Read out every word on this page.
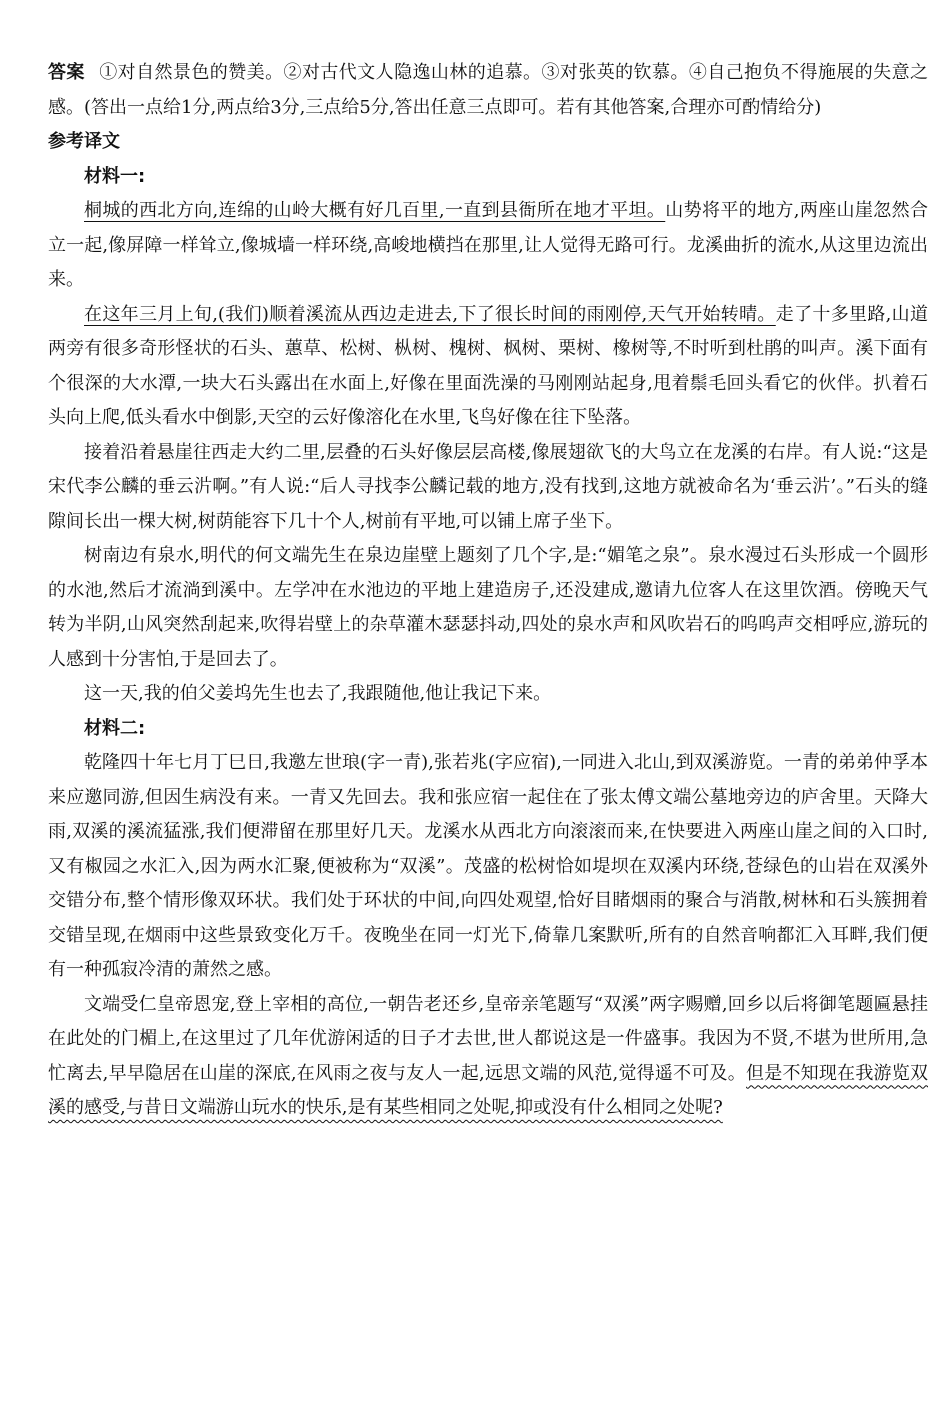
答案 ①对自然景色的赞美。②对古代文人隐逸山林的追慕。③对张英的钦慕。④自己抱负不得施展的失意之感。(答出一点给1分,两点给3分,三点给5分,答出任意三点即可。若有其他答案,合理亦可酌情给分)

参考译文

材料一:

桐城的西北方向,连绵的山岭大概有好几百里,一直到县衙所在地才平坦。山势将平的地方,两座山崖忽然合立一起,像屏障一样耸立,像城墙一样环绕,高峻地横挡在那里,让人觉得无路可行。龙溪曲折的流水,从这里边流出来。

在这年三月上旬,(我们)顺着溪流从西边走进去,下了很长时间的雨刚停,天气开始转晴。走了十多里路,山道两旁有很多奇形怪状的石头、蕙草、松树、枞树、槐树、枫树、栗树、橡树等,不时听到杜鹃的叫声。溪下面有个很深的大水潭,一块大石头露出在水面上,好像在里面洗澡的马刚刚站起身,甩着鬃毛回头看它的伙伴。扒着石头向上爬,低头看水中倒影,天空的云好像溶化在水里,飞鸟好像在往下坠落。

接着沿着悬崖往西走大约二里,层叠的石头好像层层高楼,像展翅欲飞的大鸟立在龙溪的右岸。有人说:“这是宋代李公麟的垂云沜啊。”有人说:“后人寻找李公麟记载的地方,没有找到,这地方就被命名为‘垂云沜’。”石头的缝隙间长出一棵大树,树荫能容下几十个人,树前有平地,可以铺上席子坐下。

树南边有泉水,明代的何文端先生在泉边崖壁上题刻了几个字,是:“媚笔之泉”。泉水漫过石头形成一个圆形的水池,然后才流淌到溪中。左学冲在水池边的平地上建造房子,还没建成,邀请九位客人在这里饮酒。傍晚天气转为半阴,山风突然刮起来,吹得岩壁上的杂草灌木瑟瑟抖动,四处的泉水声和风吹岩石的呜呜声交相呼应,游玩的人感到十分害怕,于是回去了。

这一天,我的伯父姜坞先生也去了,我跟随他,他让我记下来。

材料二:

乾隆四十年七月丁巳日,我邀左世琅(字一青),张若兆(字应宿),一同进入北山,到双溪游览。一青的弟弟仲孚本来应邀同游,但因生病没有来。一青又先回去。我和张应宿一起住在了张太傅文端公墓地旁边的庐舍里。天降大雨,双溪的溪流猛涨,我们便滞留在那里好几天。龙溪水从西北方向滚滚而来,在快要进入两座山崖之间的入口时,又有椒园之水汇入,因为两水汇聚,便被称为“双溪”。茂盛的松树恰如堤坝在双溪内环绕,苍绿色的山岩在双溪外交错分布,整个情形像双环状。我们处于环状的中间,向四处观望,恰好目睹烟雨的聚合与消散,树林和石头簇拥着交错呈现,在烟雨中这些景致变化万千。夜晚坐在同一灯光下,倚靠几案默听,所有的自然音响都汇入耳畔,我们便有一种孤寂冷清的萧然之感。

文端受仁皇帝恩宠,登上宰相的高位,一朝告老还乡,皇帝亲笔题写“双溪”两字赐赠,回乡以后将御笔题匾悬挂在此处的门楣上,在这里过了几年优游闲适的日子才去世,世人都说这是一件盛事。我因为不贤,不堪为世所用,急忙离去,早早隐居在山崖的深底,在风雨之夜与友人一起,远思文端的风范,觉得遥不可及。但是不知现在我游览双溪的感受,与昔日文端游山玩水的快乐,是有某些相同之处呢,抑或没有什么相同之处呢?
